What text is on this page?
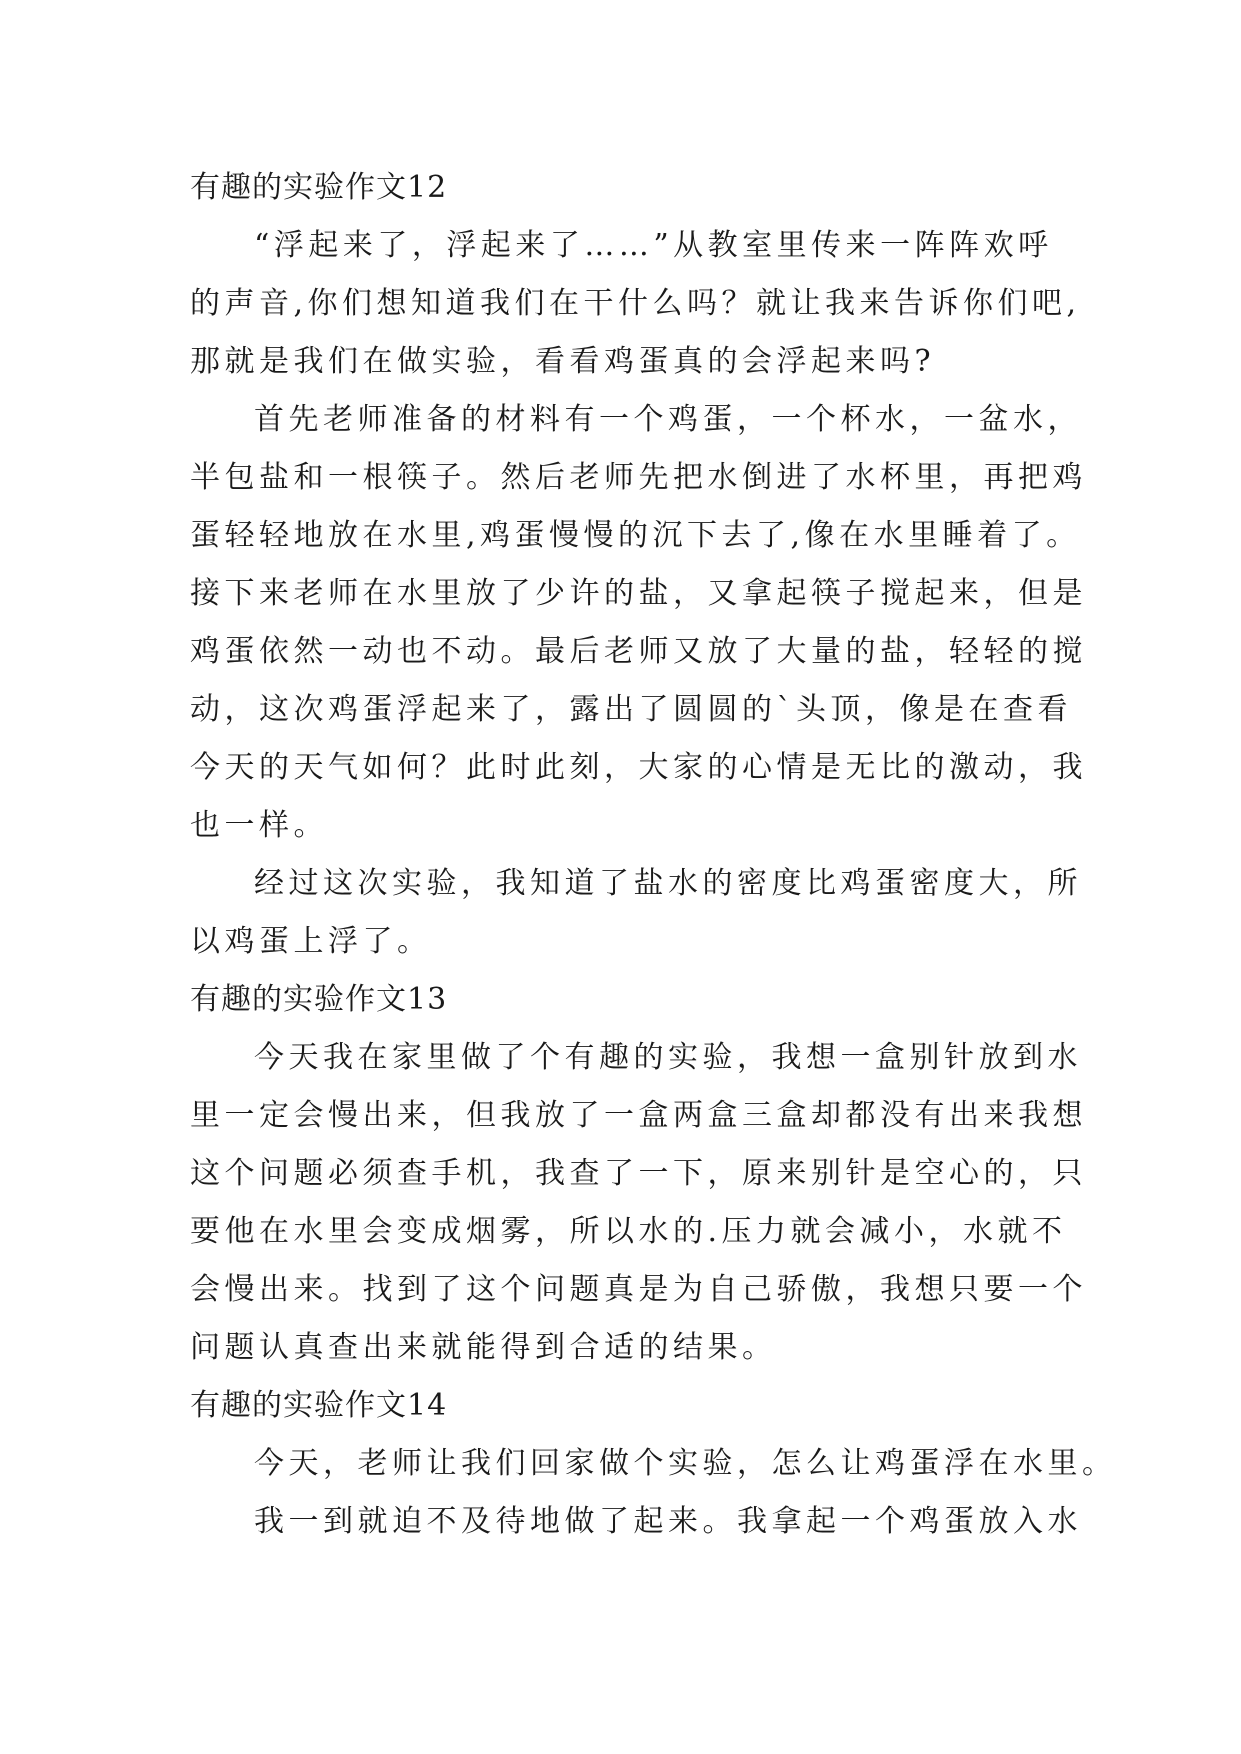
有趣的实验作文12
“浮起来了，浮起来了……”从教室里传来一阵阵欢呼
的声音,你们想知道我们在干什么吗？就让我来告诉你们吧,
那就是我们在做实验，看看鸡蛋真的会浮起来吗?
首先老师准备的材料有一个鸡蛋，一个杯水，一盆水，
半包盐和一根筷子。然后老师先把水倒进了水杯里，再把鸡
蛋轻轻地放在水里,鸡蛋慢慢的沉下去了,像在水里睡着了。
接下来老师在水里放了少许的盐，又拿起筷子搅起来，但是
鸡蛋依然一动也不动。最后老师又放了大量的盐，轻轻的搅
动，这次鸡蛋浮起来了，露出了圆圆的`头顶，像是在查看
今天的天气如何？此时此刻，大家的心情是无比的激动，我
也一样。
经过这次实验，我知道了盐水的密度比鸡蛋密度大，所
以鸡蛋上浮了。
有趣的实验作文13
今天我在家里做了个有趣的实验，我想一盒别针放到水
里一定会慢出来，但我放了一盒两盒三盒却都没有出来我想
这个问题必须查手机，我查了一下，原来别针是空心的，只
要他在水里会变成烟雾，所以水的.压力就会减小，水就不
会慢出来。找到了这个问题真是为自己骄傲，我想只要一个
问题认真查出来就能得到合适的结果。
有趣的实验作文14
今天，老师让我们回家做个实验，怎么让鸡蛋浮在水里。
我一到就迫不及待地做了起来。我拿起一个鸡蛋放入水
